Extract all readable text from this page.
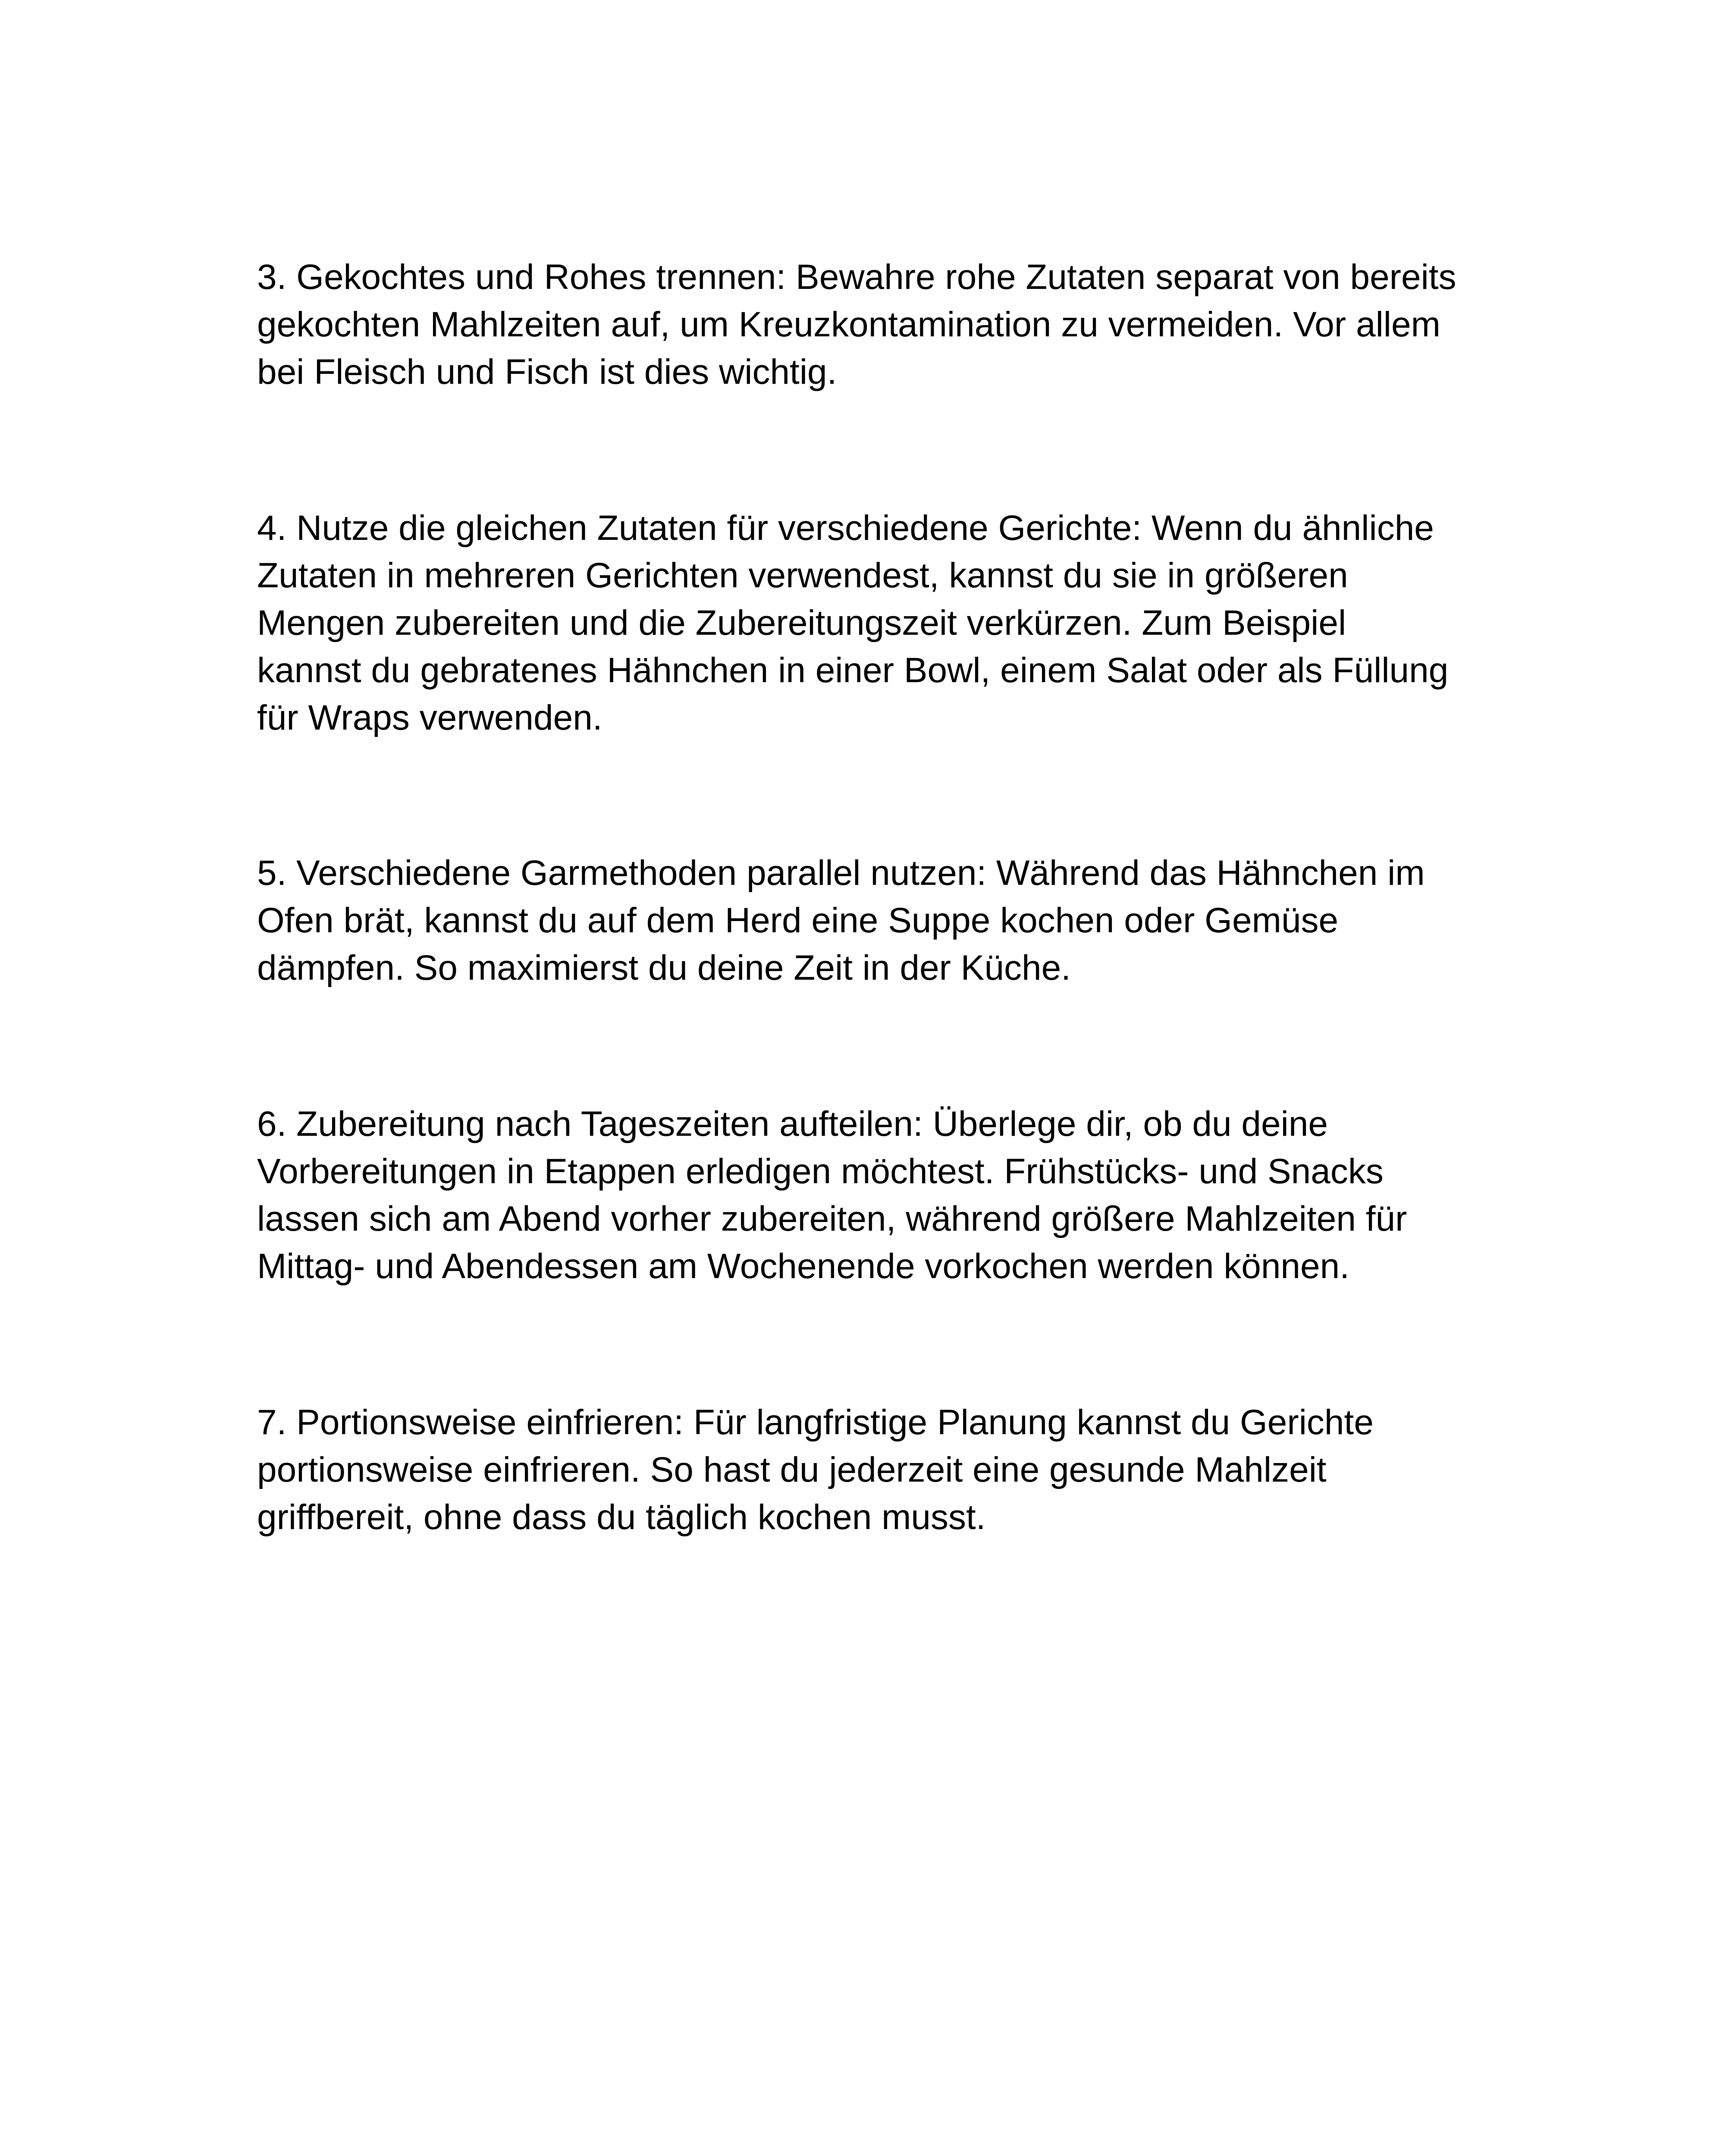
3. Gekochtes und Rohes trennen: Bewahre rohe Zutaten separat von bereits
gekochten Mahlzeiten auf, um Kreuzkontamination zu vermeiden. Vor allem
bei Fleisch und Fisch ist dies wichtig.

4. Nutze die gleichen Zutaten für verschiedene Gerichte: Wenn du ähnliche
Zutaten in mehreren Gerichten verwendest, kannst du sie in größeren
Mengen zubereiten und die Zubereitungszeit verkürzen. Zum Beispiel
kannst du gebratenes Hähnchen in einer Bowl, einem Salat oder als Füllung
für Wraps verwenden.

5. Verschiedene Garmethoden parallel nutzen: Während das Hähnchen im
Ofen brät, kannst du auf dem Herd eine Suppe kochen oder Gemüse
dämpfen. So maximierst du deine Zeit in der Küche.

6. Zubereitung nach Tageszeiten aufteilen: Überlege dir, ob du deine
Vorbereitungen in Etappen erledigen möchtest. Frühstücks- und Snacks
lassen sich am Abend vorher zubereiten, während größere Mahlzeiten für
Mittag- und Abendessen am Wochenende vorkochen werden können.

7. Portionsweise einfrieren: Für langfristige Planung kannst du Gerichte
portionsweise einfrieren. So hast du jederzeit eine gesunde Mahlzeit
griffbereit, ohne dass du täglich kochen musst.
